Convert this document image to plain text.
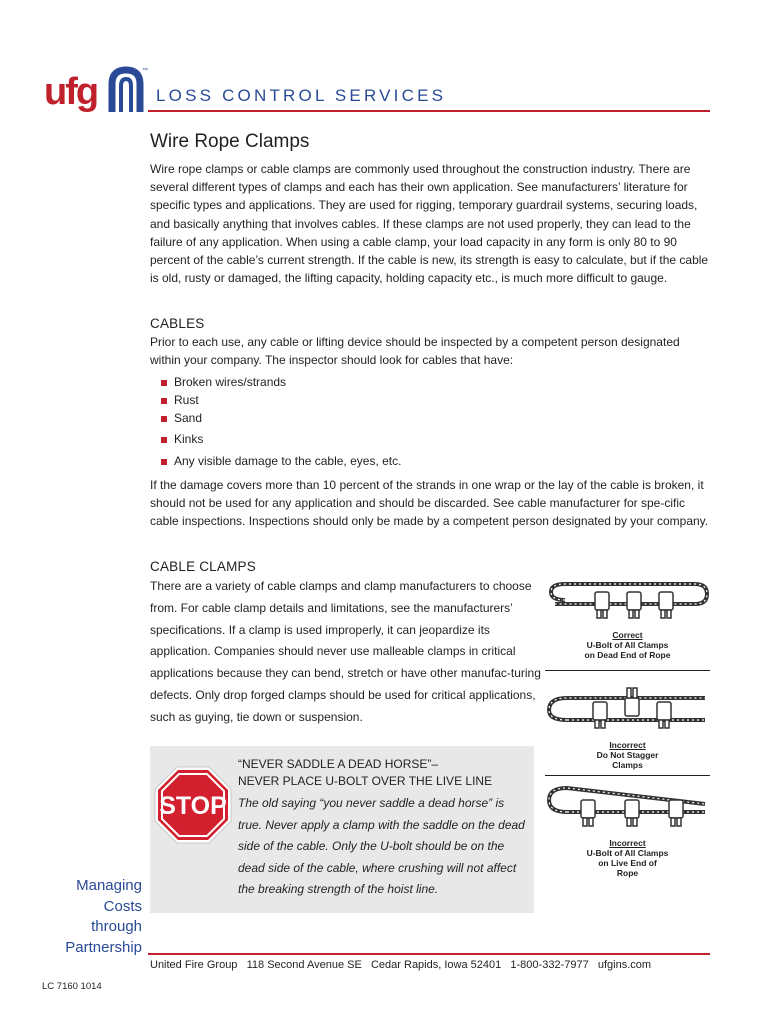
™
ufg	LOSS CONTROL SERVICES
Wire Rope Clamps

Wire rope clamps or cable clamps are commonly used throughout the construction industry. There are several different types of clamps and each has their own application. See manufacturers’ literature for specific types and applications. They are used for rigging, temporary guardrail systems, securing loads, and basically anything that involves cables. If these clamps are not used properly, they can lead to the failure of any application. When using a cable clamp, your load capacity in any form is only 80 to 90 percent of the cable’s current strength. If the cable is new, its strength is easy to calculate, but if the cable is old, rusty or damaged, the lifting capacity, holding capacity etc., is much more difficult to gauge.

CABLES

Prior to each use, any cable or lifting device should be inspected by a competent person designated within your company. The inspector should look for cables that have:

Broken wires/strands
Rust
Sand
Kinks
Any visible damage to the cable, eyes, etc.

If the damage covers more than 10 percent of the strands in one wrap or the lay of the cable is broken, it should not be used for any application and should be discarded. See cable manufacturer for spe-cific cable inspections. Inspections should only be made by a competent person designated by your company.

CABLE CLAMPS

There are a variety of cable clamps and clamp manufacturers to choose from. For cable clamp details and limitations, see the manufacturers’ specifications. If a clamp is used improperly, it can jeopardize its application. Companies should never use malleable clamps in critical applications because they can bend, stretch or have other manufac-turing defects. Only drop forged clamps should be used for critical applications, such as guying, tie down or suspension.

STOP
“NEVER SADDLE A DEAD HORSE”–
NEVER PLACE U-BOLT OVER THE LIVE LINE

The old saying “you never saddle a dead horse” is true. Never apply a clamp with the saddle on the dead side of the cable. Only the U-bolt should be on the dead side of the cable, where crushing will not affect the breaking strength of the hoist line.

Correct
U-Bolt of All Clamps
on Dead End of Rope
Incorrect
Do Not Stagger
Clamps
Incorrect
U-Bolt of All Clamps
on Live End of
Rope
Managing
Costs
through
Partnership
United Fire Group 118 Second Avenue SE Cedar Rapids, Iowa 52401 1-800-332-7977 ufgins.com
LC 7160 1014
